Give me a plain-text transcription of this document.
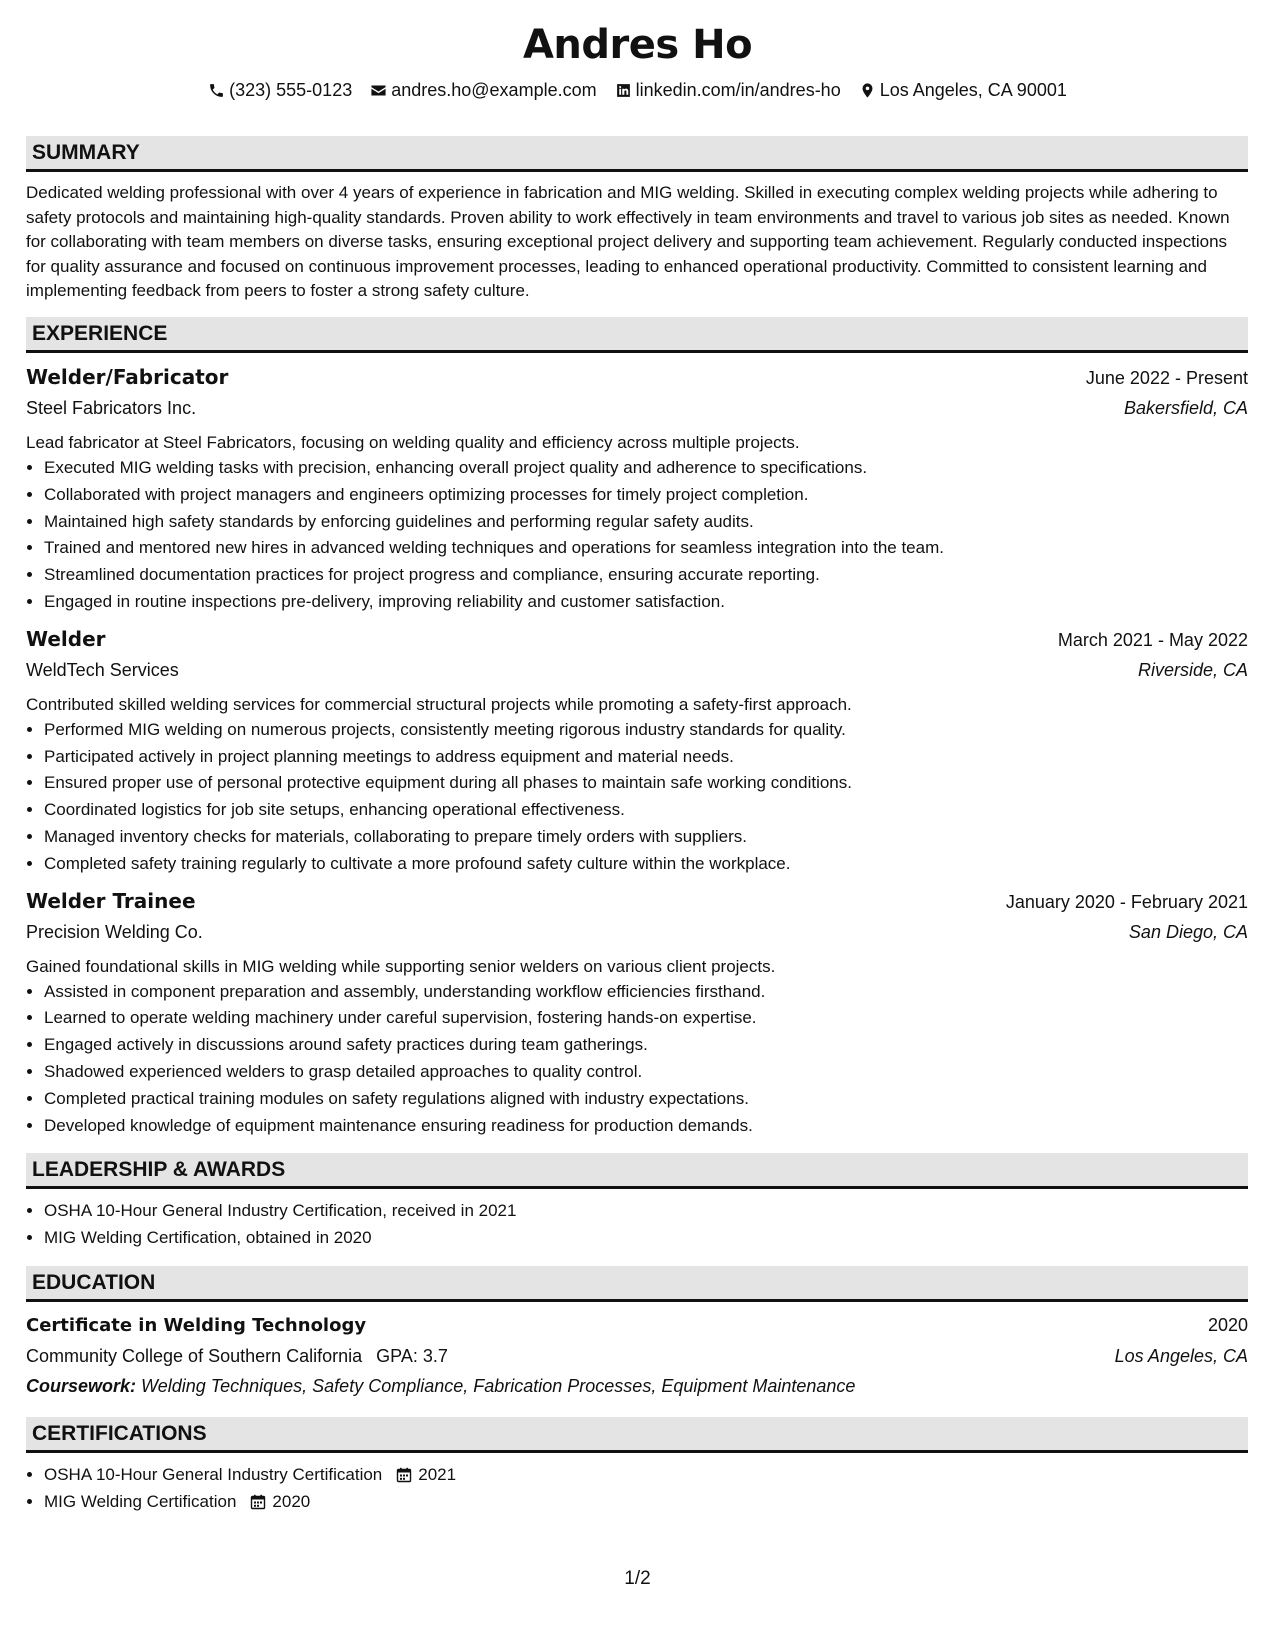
Andres Ho
(323) 555-0123 andres.ho@example.com linkedin.com/in/andres-ho Los Angeles, CA 90001
SUMMARY

Dedicated welding professional with over 4 years of experience in fabrication and MIG welding. Skilled in executing complex welding projects while adhering to safety protocols and maintaining high-quality standards. Proven ability to work effectively in team environments and travel to various job sites as needed. Known for collaborating with team members on diverse tasks, ensuring exceptional project delivery and supporting team achievement. Regularly conducted inspections for quality assurance and focused on continuous improvement processes, leading to enhanced operational productivity. Committed to consistent learning and implementing feedback from peers to foster a strong safety culture.

EXPERIENCE
Welder/Fabricator	June 2022 - Present
Steel Fabricators Inc.	Bakersfield, CA
Lead fabricator at Steel Fabricators, focusing on welding quality and efficiency across multiple projects.
• Executed MIG welding tasks with precision, enhancing overall project quality and adherence to specifications.
• Collaborated with project managers and engineers optimizing processes for timely project completion.
• Maintained high safety standards by enforcing guidelines and performing regular safety audits.
• Trained and mentored new hires in advanced welding techniques and operations for seamless integration into the team.
• Streamlined documentation practices for project progress and compliance, ensuring accurate reporting.
• Engaged in routine inspections pre-delivery, improving reliability and customer satisfaction.
Welder	March 2021 - May 2022
WeldTech Services	Riverside, CA
Contributed skilled welding services for commercial structural projects while promoting a safety-first approach.
• Performed MIG welding on numerous projects, consistently meeting rigorous industry standards for quality.
• Participated actively in project planning meetings to address equipment and material needs.
• Ensured proper use of personal protective equipment during all phases to maintain safe working conditions.
• Coordinated logistics for job site setups, enhancing operational effectiveness.
• Managed inventory checks for materials, collaborating to prepare timely orders with suppliers.
• Completed safety training regularly to cultivate a more profound safety culture within the workplace.
Welder Trainee	January 2020 - February 2021
Precision Welding Co.	San Diego, CA
Gained foundational skills in MIG welding while supporting senior welders on various client projects.
• Assisted in component preparation and assembly, understanding workflow efficiencies firsthand.
• Learned to operate welding machinery under careful supervision, fostering hands-on expertise.
• Engaged actively in discussions around safety practices during team gatherings.
• Shadowed experienced welders to grasp detailed approaches to quality control.
• Completed practical training modules on safety regulations aligned with industry expectations.
• Developed knowledge of equipment maintenance ensuring readiness for production demands.
LEADERSHIP & AWARDS
• OSHA 10-Hour General Industry Certification, received in 2021
• MIG Welding Certification, obtained in 2020
EDUCATION
Certificate in Welding Technology	2020
Community College of Southern California GPA: 3.7	Los Angeles, CA
Coursework: Welding Techniques, Safety Compliance, Fabrication Processes, Equipment Maintenance
CERTIFICATIONS
• OSHA 10-Hour General Industry Certification 2021
• MIG Welding Certification 2020
1/2
